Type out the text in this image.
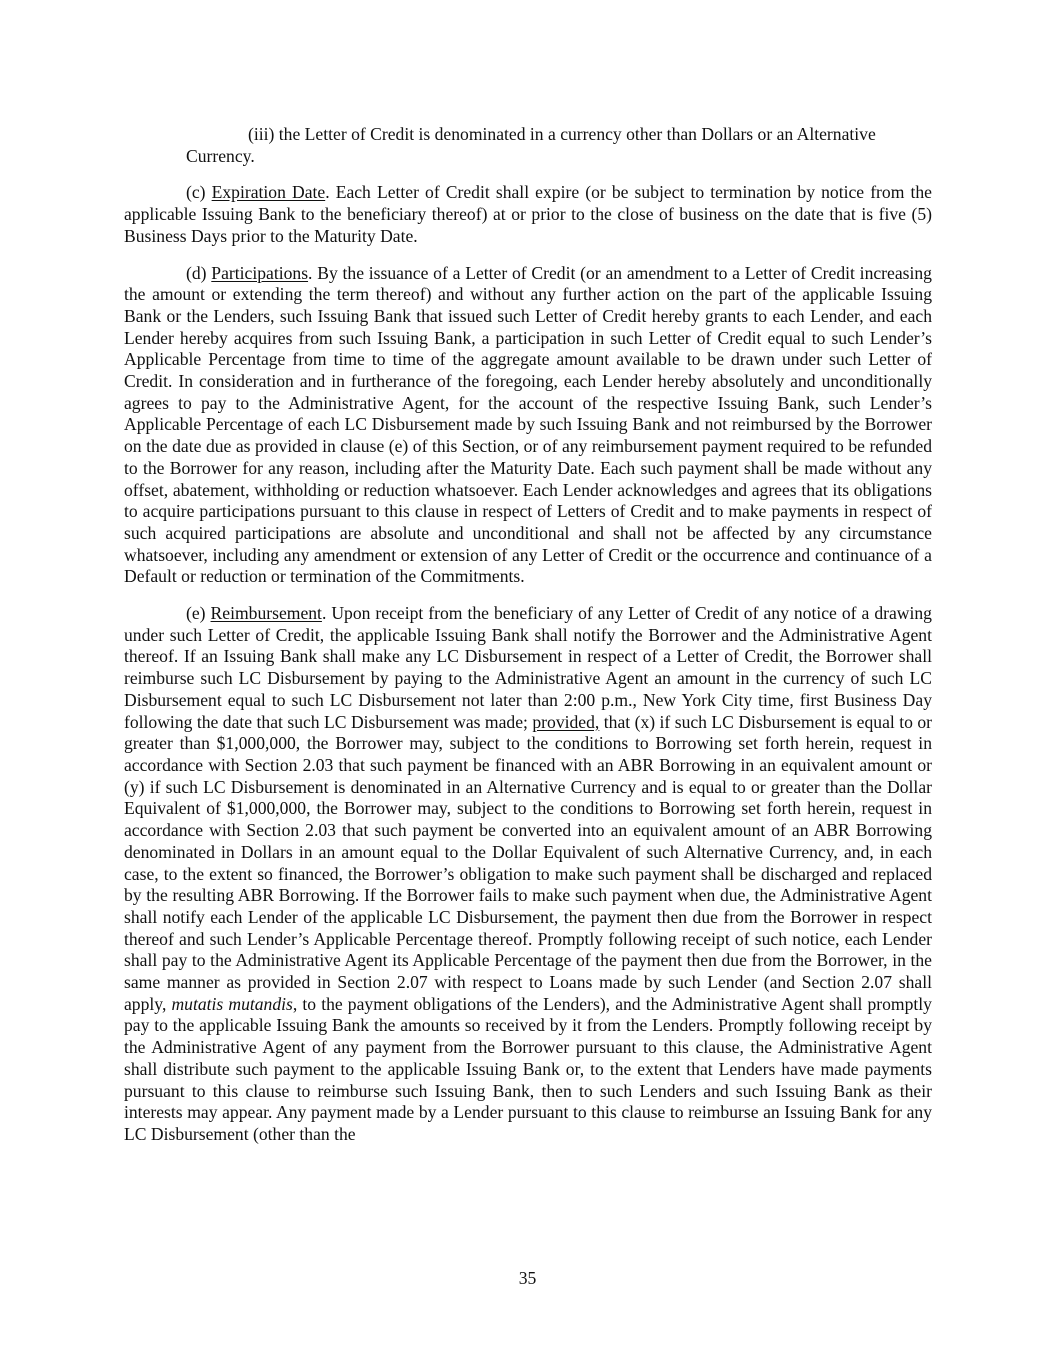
(iii) the Letter of Credit is denominated in a currency other than Dollars or an Alternative Currency.

(c) Expiration Date. Each Letter of Credit shall expire (or be subject to termination by notice from the applicable Issuing Bank to the beneficiary thereof) at or prior to the close of business on the date that is five (5) Business Days prior to the Maturity Date.

(d) Participations. By the issuance of a Letter of Credit (or an amendment to a Letter of Credit increasing the amount or extending the term thereof) and without any further action on the part of the applicable Issuing Bank or the Lenders, such Issuing Bank that issued such Letter of Credit hereby grants to each Lender, and each Lender hereby acquires from such Issuing Bank, a participation in such Letter of Credit equal to such Lender’s Applicable Percentage from time to time of the aggregate amount available to be drawn under such Letter of Credit. In consideration and in furtherance of the foregoing, each Lender hereby absolutely and unconditionally agrees to pay to the Administrative Agent, for the account of the respective Issuing Bank, such Lender’s Applicable Percentage of each LC Disbursement made by such Issuing Bank and not reimbursed by the Borrower on the date due as provided in clause (e) of this Section, or of any reimbursement payment required to be refunded to the Borrower for any reason, including after the Maturity Date. Each such payment shall be made without any offset, abatement, withholding or reduction whatsoever. Each Lender acknowledges and agrees that its obligations to acquire participations pursuant to this clause in respect of Letters of Credit and to make payments in respect of such acquired participations are absolute and unconditional and shall not be affected by any circumstance whatsoever, including any amendment or extension of any Letter of Credit or the occurrence and continuance of a Default or reduction or termination of the Commitments.

(e) Reimbursement. Upon receipt from the beneficiary of any Letter of Credit of any notice of a drawing under such Letter of Credit, the applicable Issuing Bank shall notify the Borrower and the Administrative Agent thereof. If an Issuing Bank shall make any LC Disbursement in respect of a Letter of Credit, the Borrower shall reimburse such LC Disbursement by paying to the Administrative Agent an amount in the currency of such LC Disbursement equal to such LC Disbursement not later than 2:00 p.m., New York City time, first Business Day following the date that such LC Disbursement was made; provided, that (x) if such LC Disbursement is equal to or greater than $1,000,000, the Borrower may, subject to the conditions to Borrowing set forth herein, request in accordance with Section 2.03 that such payment be financed with an ABR Borrowing in an equivalent amount or (y) if such LC Disbursement is denominated in an Alternative Currency and is equal to or greater than the Dollar Equivalent of $1,000,000, the Borrower may, subject to the conditions to Borrowing set forth herein, request in accordance with Section 2.03 that such payment be converted into an equivalent amount of an ABR Borrowing denominated in Dollars in an amount equal to the Dollar Equivalent of such Alternative Currency, and, in each case, to the extent so financed, the Borrower’s obligation to make such payment shall be discharged and replaced by the resulting ABR Borrowing. If the Borrower fails to make such payment when due, the Administrative Agent shall notify each Lender of the applicable LC Disbursement, the payment then due from the Borrower in respect thereof and such Lender’s Applicable Percentage thereof. Promptly following receipt of such notice, each Lender shall pay to the Administrative Agent its Applicable Percentage of the payment then due from the Borrower, in the same manner as provided in Section 2.07 with respect to Loans made by such Lender (and Section 2.07 shall apply, mutatis mutandis, to the payment obligations of the Lenders), and the Administrative Agent shall promptly pay to the applicable Issuing Bank the amounts so received by it from the Lenders. Promptly following receipt by the Administrative Agent of any payment from the Borrower pursuant to this clause, the Administrative Agent shall distribute such payment to the applicable Issuing Bank or, to the extent that Lenders have made payments pursuant to this clause to reimburse such Issuing Bank, then to such Lenders and such Issuing Bank as their interests may appear. Any payment made by a Lender pursuant to this clause to reimburse an Issuing Bank for any LC Disbursement (other than the

35
